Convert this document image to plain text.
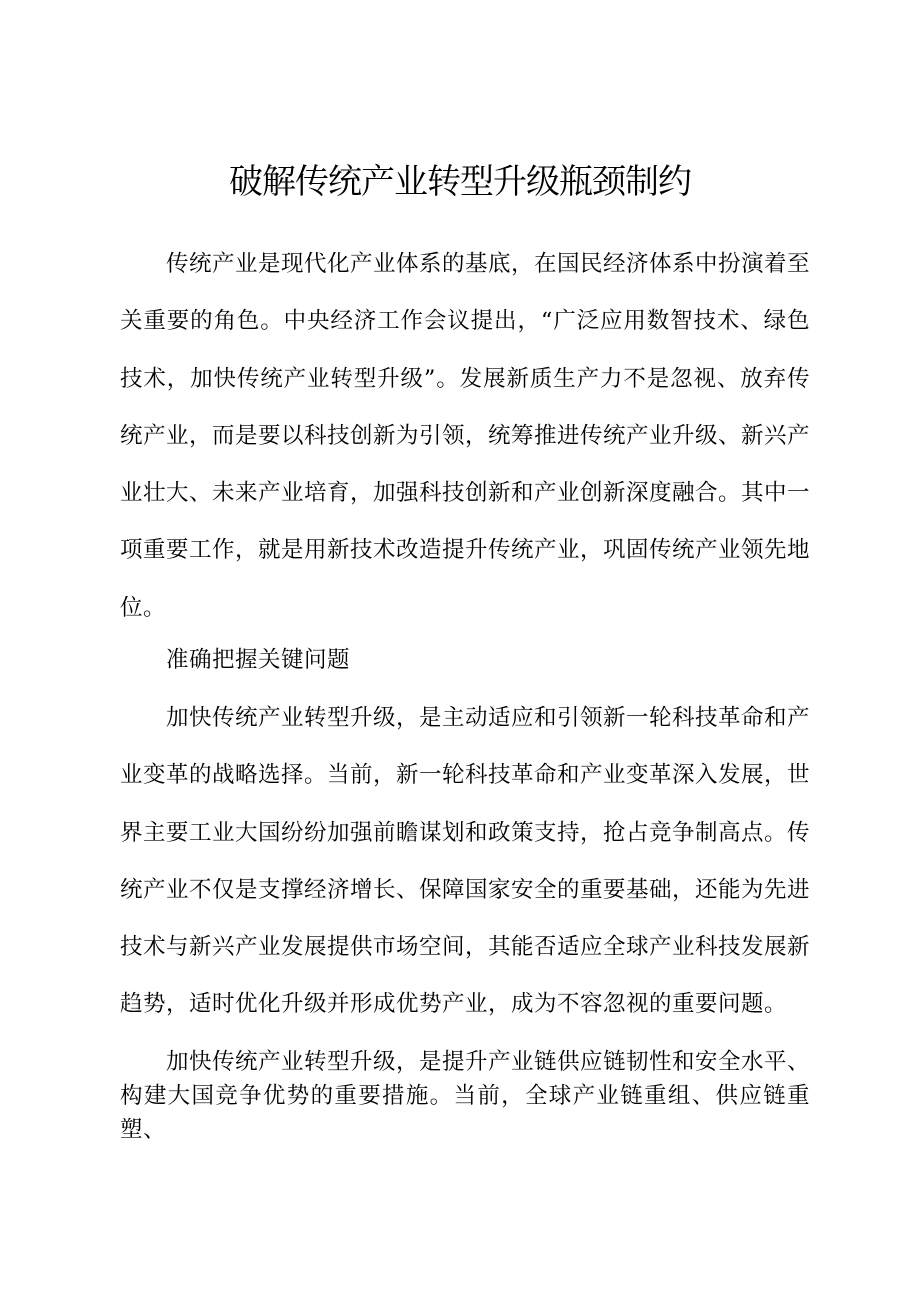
破解传统产业转型升级瓶颈制约

传统产业是现代化产业体系的基底，在国民经济体系中扮演着至关重要的角色。中央经济工作会议提出，“广泛应用数智技术、绿色技术，加快传统产业转型升级”。发展新质生产力不是忽视、放弃传统产业，而是要以科技创新为引领，统筹推进传统产业升级、新兴产业壮大、未来产业培育，加强科技创新和产业创新深度融合。其中一项重要工作，就是用新技术改造提升传统产业，巩固传统产业领先地位。

准确把握关键问题

加快传统产业转型升级，是主动适应和引领新一轮科技革命和产业变革的战略选择。当前，新一轮科技革命和产业变革深入发展，世界主要工业大国纷纷加强前瞻谋划和政策支持，抢占竞争制高点。传统产业不仅是支撑经济增长、保障国家安全的重要基础，还能为先进技术与新兴产业发展提供市场空间，其能否适应全球产业科技发展新趋势，适时优化升级并形成优势产业，成为不容忽视的重要问题。

加快传统产业转型升级，是提升产业链供应链韧性和安全水平、构建大国竞争优势的重要措施。当前，全球产业链重组、供应链重塑、
